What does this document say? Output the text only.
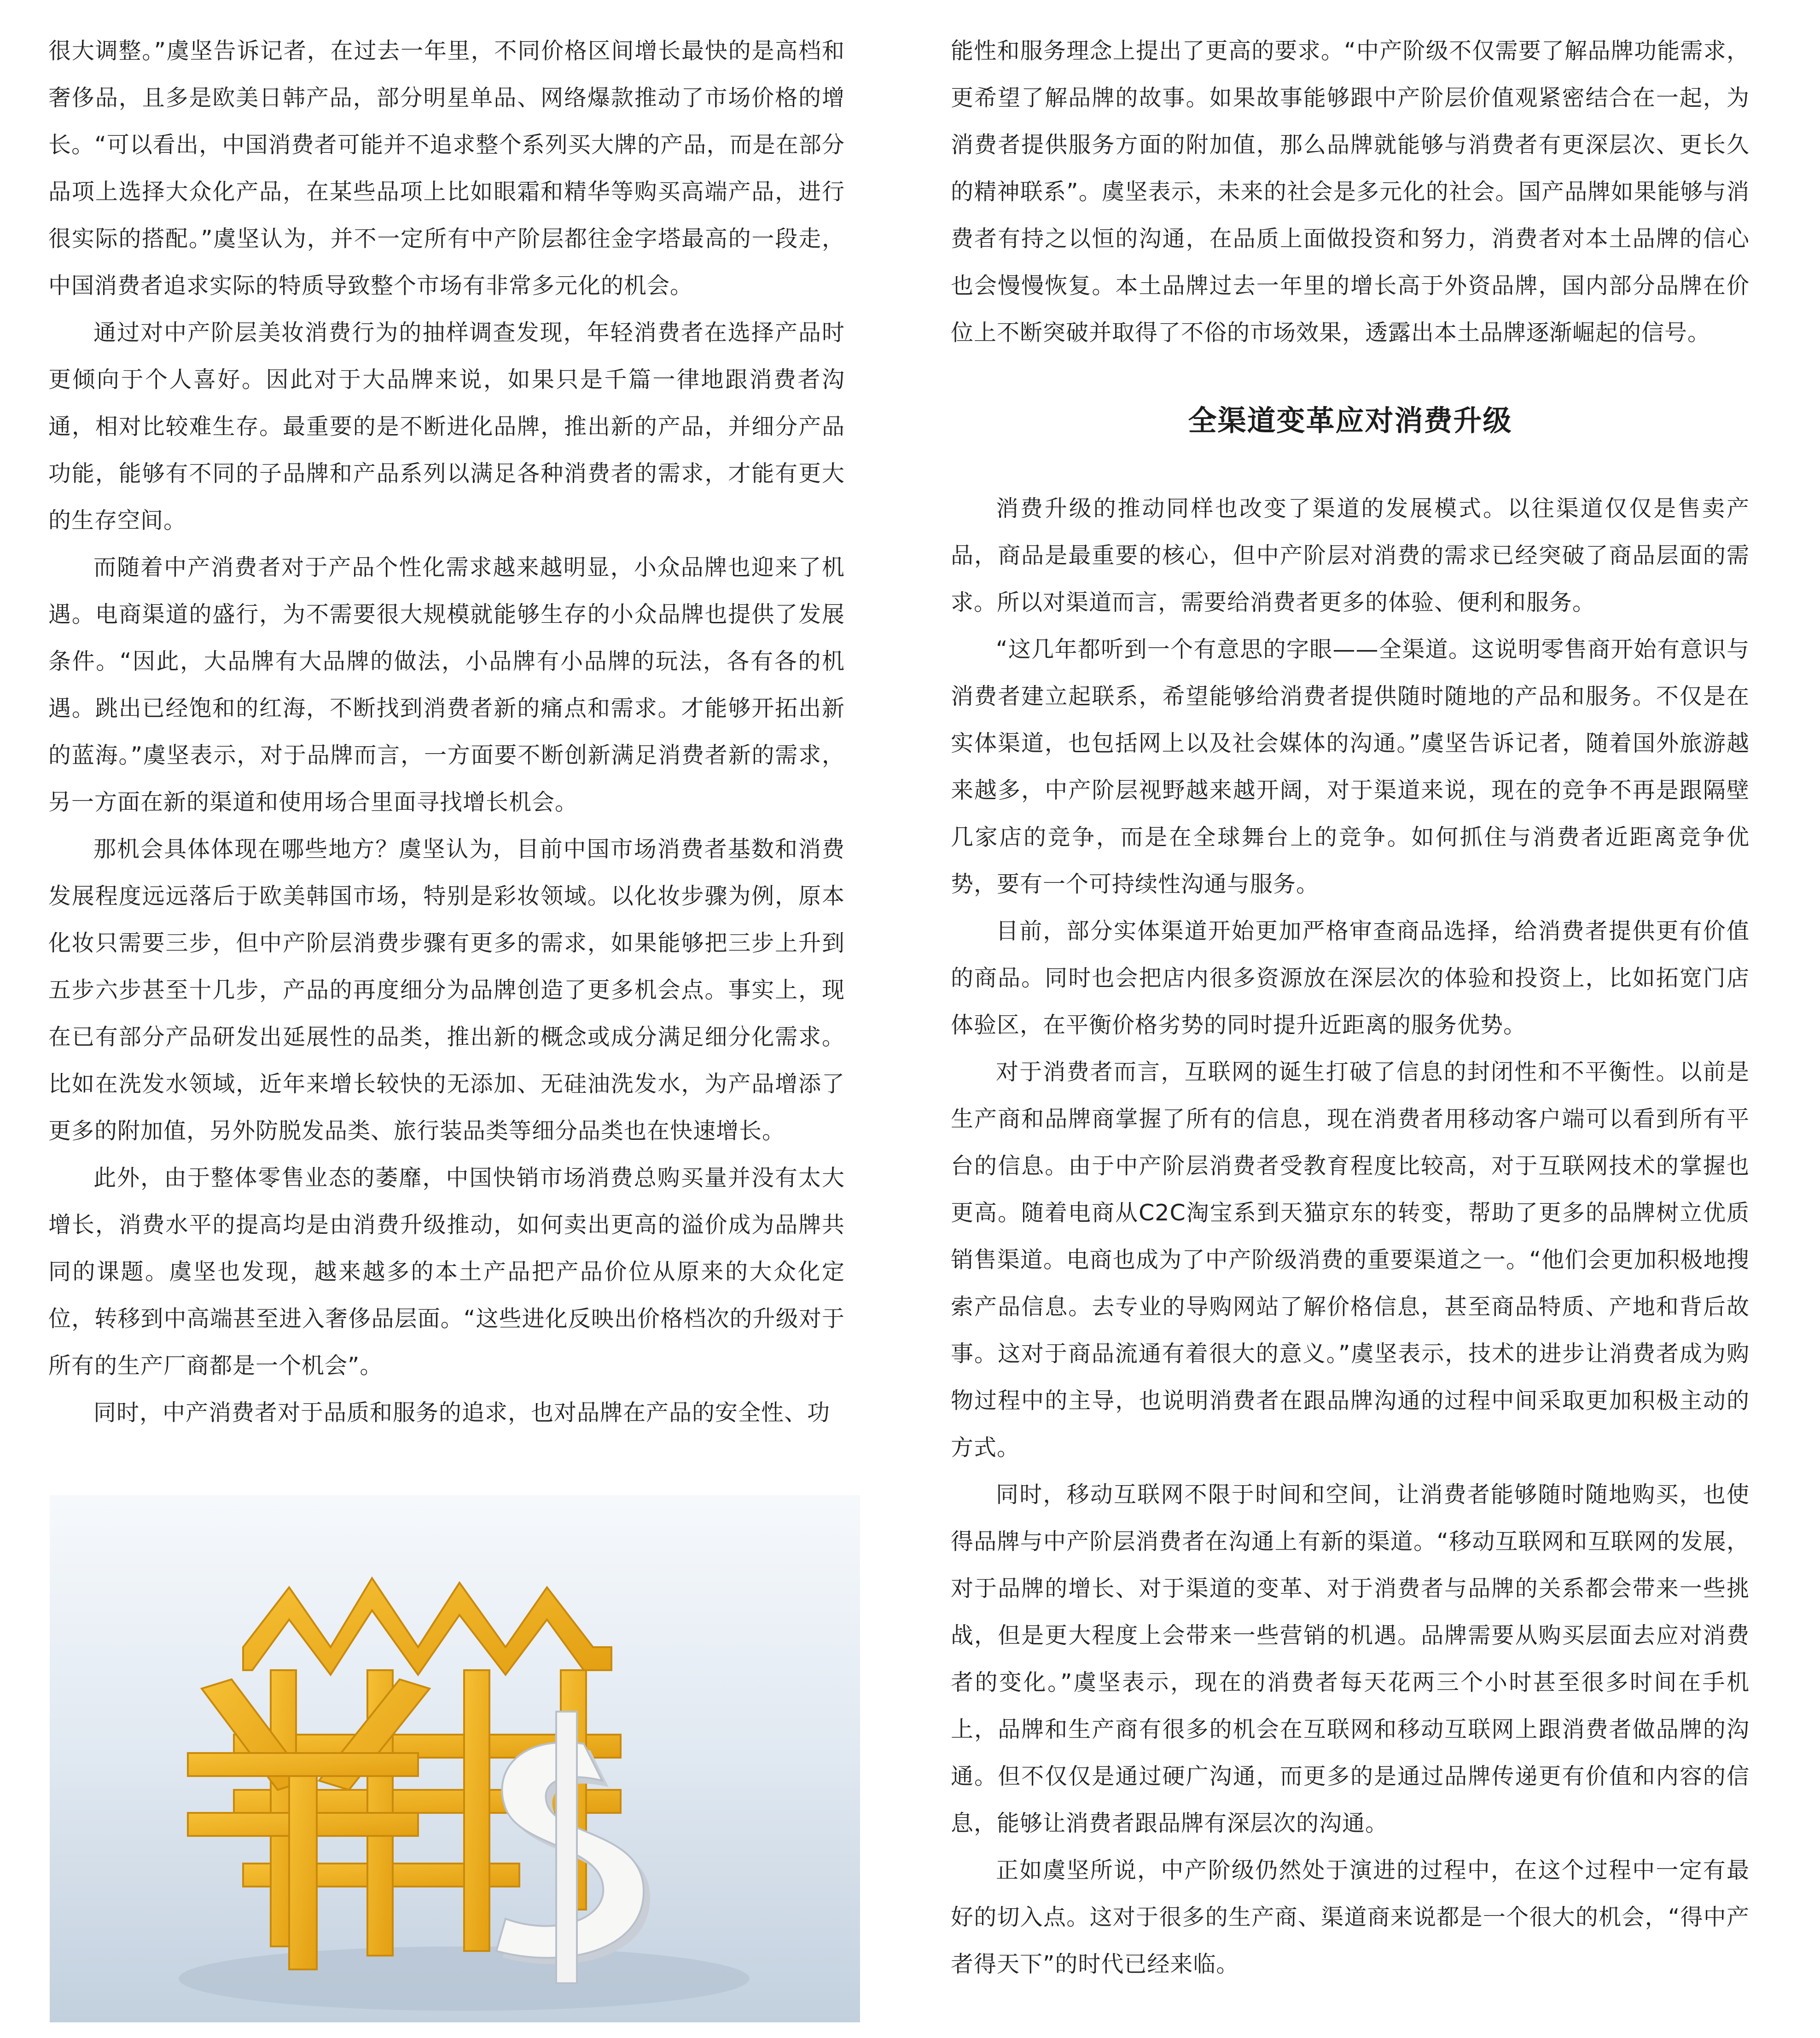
很大调整。”虞坚告诉记者，在过去一年里，不同价格区间增长最快的是高档和奢侈品，且多是欧美日韩产品，部分明星单品、网络爆款推动了市场价格的增长。“可以看出，中国消费者可能并不追求整个系列买大牌的产品，而是在部分品项上选择大众化产品，在某些品项上比如眼霜和精华等购买高端产品，进行很实际的搭配。”虞坚认为，并不一定所有中产阶层都往金字塔最高的一段走，中国消费者追求实际的特质导致整个市场有非常多元化的机会。

通过对中产阶层美妆消费行为的抽样调查发现，年轻消费者在选择产品时更倾向于个人喜好。因此对于大品牌来说，如果只是千篇一律地跟消费者沟通，相对比较难生存。最重要的是不断进化品牌，推出新的产品，并细分产品功能，能够有不同的子品牌和产品系列以满足各种消费者的需求，才能有更大的生存空间。

而随着中产消费者对于产品个性化需求越来越明显，小众品牌也迎来了机遇。电商渠道的盛行，为不需要很大规模就能够生存的小众品牌也提供了发展条件。“因此，大品牌有大品牌的做法，小品牌有小品牌的玩法，各有各的机遇。跳出已经饱和的红海，不断找到消费者新的痛点和需求。才能够开拓出新的蓝海。”虞坚表示，对于品牌而言，一方面要不断创新满足消费者新的需求，另一方面在新的渠道和使用场合里面寻找增长机会。

那机会具体体现在哪些地方？虞坚认为，目前中国市场消费者基数和消费发展程度远远落后于欧美韩国市场，特别是彩妆领域。以化妆步骤为例，原本化妆只需要三步，但中产阶层消费步骤有更多的需求，如果能够把三步上升到五步六步甚至十几步，产品的再度细分为品牌创造了更多机会点。事实上，现在已有部分产品研发出延展性的品类，推出新的概念或成分满足细分化需求。比如在洗发水领域，近年来增长较快的无添加、无硅油洗发水，为产品增添了更多的附加值，另外防脱发品类、旅行装品类等细分品类也在快速增长。

此外，由于整体零售业态的萎靡，中国快销市场消费总购买量并没有太大增长，消费水平的提高均是由消费升级推动，如何卖出更高的溢价成为品牌共同的课题。虞坚也发现，越来越多的本土产品把产品价位从原来的大众化定位，转移到中高端甚至进入奢侈品层面。“这些进化反映出价格档次的升级对于所有的生产厂商都是一个机会”。

同时，中产消费者对于品质和服务的追求，也对品牌在产品的安全性、功

能性和服务理念上提出了更高的要求。“中产阶级不仅需要了解品牌功能需求，更希望了解品牌的故事。如果故事能够跟中产阶层价值观紧密结合在一起，为消费者提供服务方面的附加值，那么品牌就能够与消费者有更深层次、更长久的精神联系”。虞坚表示，未来的社会是多元化的社会。国产品牌如果能够与消费者有持之以恒的沟通，在品质上面做投资和努力，消费者对本土品牌的信心也会慢慢恢复。本土品牌过去一年里的增长高于外资品牌，国内部分品牌在价位上不断突破并取得了不俗的市场效果，透露出本土品牌逐渐崛起的信号。

全渠道变革应对消费升级

消费升级的推动同样也改变了渠道的发展模式。以往渠道仅仅是售卖产品，商品是最重要的核心，但中产阶层对消费的需求已经突破了商品层面的需求。所以对渠道而言，需要给消费者更多的体验、便利和服务。

“这几年都听到一个有意思的字眼——全渠道。这说明零售商开始有意识与消费者建立起联系，希望能够给消费者提供随时随地的产品和服务。不仅是在实体渠道，也包括网上以及社会媒体的沟通。”虞坚告诉记者，随着国外旅游越来越多，中产阶层视野越来越开阔，对于渠道来说，现在的竞争不再是跟隔壁几家店的竞争，而是在全球舞台上的竞争。如何抓住与消费者近距离竞争优势，要有一个可持续性沟通与服务。

目前，部分实体渠道开始更加严格审查商品选择，给消费者提供更有价值的商品。同时也会把店内很多资源放在深层次的体验和投资上，比如拓宽门店体验区，在平衡价格劣势的同时提升近距离的服务优势。

对于消费者而言，互联网的诞生打破了信息的封闭性和不平衡性。以前是生产商和品牌商掌握了所有的信息，现在消费者用移动客户端可以看到所有平台的信息。由于中产阶层消费者受教育程度比较高，对于互联网技术的掌握也更高。随着电商从C2C淘宝系到天猫京东的转变，帮助了更多的品牌树立优质销售渠道。电商也成为了中产阶级消费的重要渠道之一。“他们会更加积极地搜索产品信息。去专业的导购网站了解价格信息，甚至商品特质、产地和背后故事。这对于商品流通有着很大的意义。”虞坚表示，技术的进步让消费者成为购物过程中的主导，也说明消费者在跟品牌沟通的过程中间采取更加积极主动的方式。

同时，移动互联网不限于时间和空间，让消费者能够随时随地购买，也使得品牌与中产阶层消费者在沟通上有新的渠道。“移动互联网和互联网的发展，对于品牌的增长、对于渠道的变革、对于消费者与品牌的关系都会带来一些挑战，但是更大程度上会带来一些营销的机遇。品牌需要从购买层面去应对消费者的变化。”虞坚表示，现在的消费者每天花两三个小时甚至很多时间在手机上，品牌和生产商有很多的机会在互联网和移动互联网上跟消费者做品牌的沟通。但不仅仅是通过硬广沟通，而更多的是通过品牌传递更有价值和内容的信息，能够让消费者跟品牌有深层次的沟通。

正如虞坚所说，中产阶级仍然处于演进的过程中，在这个过程中一定有最好的切入点。这对于很多的生产商、渠道商来说都是一个很大的机会，“得中产者得天下”的时代已经来临。
